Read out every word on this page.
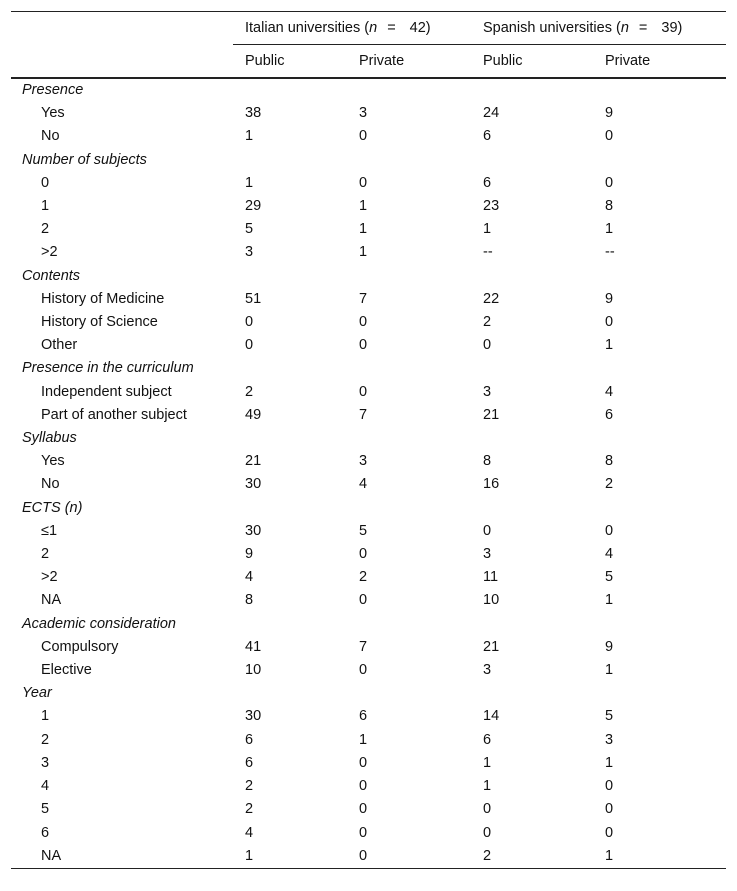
	Italian universities (n = 42)		Spanish universities (n = 39)	
	Public	Private	Public	Private
Presence				
Yes	38	3	24	9
No	1	0	6	0
Number of subjects				
0	1	0	6	0
1	29	1	23	8
2	5	1	1	1
>2	3	1	--	--
Contents				
History of Medicine	51	7	22	9
History of Science	0	0	2	0
Other	0	0	0	1
Presence in the curriculum				
Independent subject	2	0	3	4
Part of another subject	49	7	21	6
Syllabus				
Yes	21	3	8	8
No	30	4	16	2
ECTS (n)				
≤1	30	5	0	0
2	9	0	3	4
>2	4	2	11	5
NA	8	0	10	1
Academic consideration				
Compulsory	41	7	21	9
Elective	10	0	3	1
Year				
1	30	6	14	5
2	6	1	6	3
3	6	0	1	1
4	2	0	1	0
5	2	0	0	0
6	4	0	0	0
NA	1	0	2	1
